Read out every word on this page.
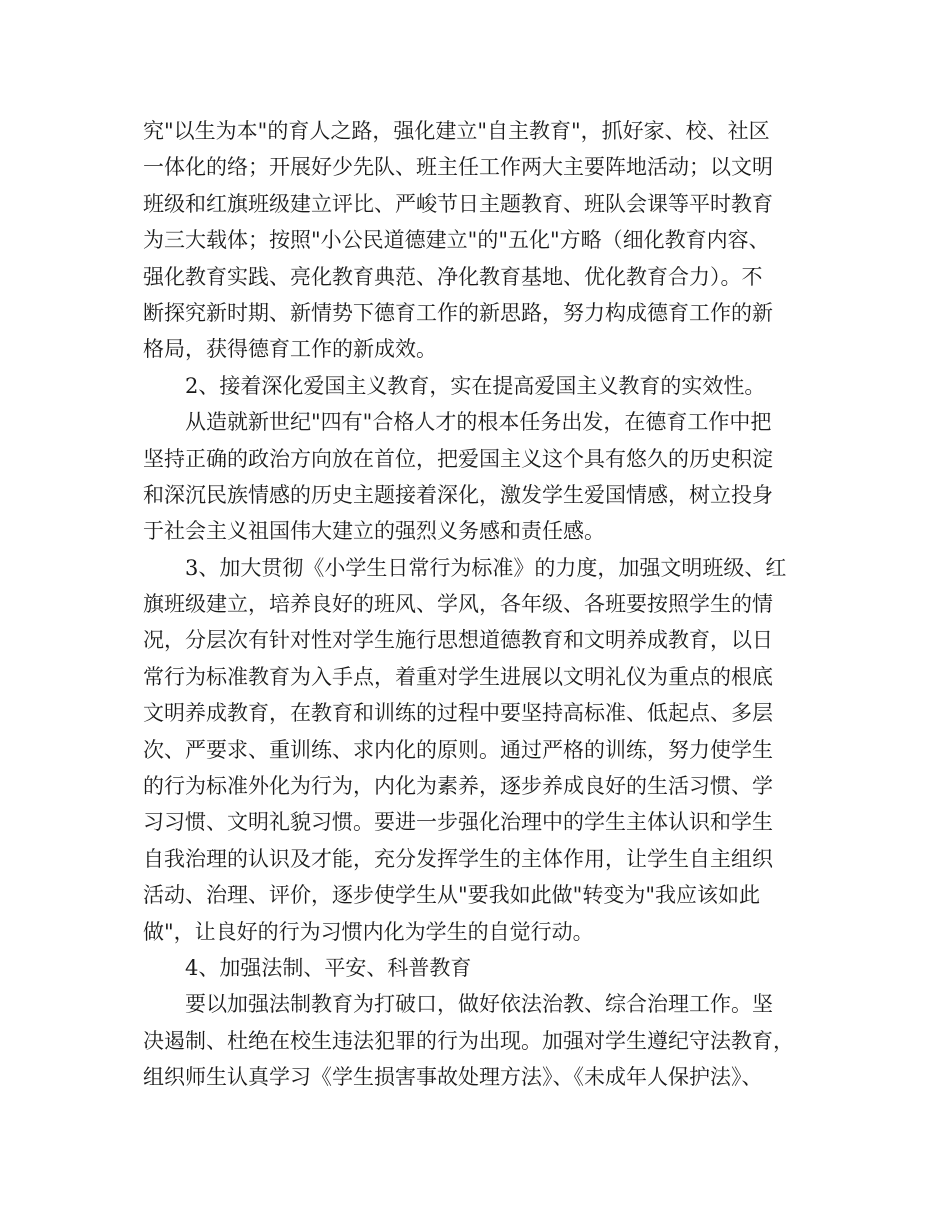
究"以生为本"的育人之路，强化建立"自主教育"，抓好家、校、社区
一体化的络；开展好少先队、班主任工作两大主要阵地活动；以文明
班级和红旗班级建立评比、严峻节日主题教育、班队会课等平时教育
为三大载体；按照"小公民道德建立"的"五化"方略（细化教育内容、
强化教育实践、亮化教育典范、净化教育基地、优化教育合力）。不
断探究新时期、新情势下德育工作的新思路，努力构成德育工作的新
格局，获得德育工作的新成效。
2、接着深化爱国主义教育，实在提高爱国主义教育的实效性。
从造就新世纪"四有"合格人才的根本任务出发，在德育工作中把
坚持正确的政治方向放在首位，把爱国主义这个具有悠久的历史积淀
和深沉民族情感的历史主题接着深化，激发学生爱国情感，树立投身
于社会主义祖国伟大建立的强烈义务感和责任感。
3、加大贯彻《小学生日常行为标准》的力度，加强文明班级、红
旗班级建立，培养良好的班风、学风，各年级、各班要按照学生的情
况，分层次有针对性对学生施行思想道德教育和文明养成教育，以日
常行为标准教育为入手点，着重对学生进展以文明礼仪为重点的根底
文明养成教育，在教育和训练的过程中要坚持高标准、低起点、多层
次、严要求、重训练、求内化的原则。通过严格的训练，努力使学生
的行为标准外化为行为，内化为素养，逐步养成良好的生活习惯、学
习习惯、文明礼貌习惯。要进一步强化治理中的学生主体认识和学生
自我治理的认识及才能，充分发挥学生的主体作用，让学生自主组织
活动、治理、评价，逐步使学生从"要我如此做"转变为"我应该如此
做"，让良好的行为习惯内化为学生的自觉行动。
4、加强法制、平安、科普教育
要以加强法制教育为打破口，做好依法治教、综合治理工作。坚
决遏制、杜绝在校生违法犯罪的行为出现。加强对学生遵纪守法教育，
组织师生认真学习《学生损害事故处理方法》、《未成年人保护法》、
